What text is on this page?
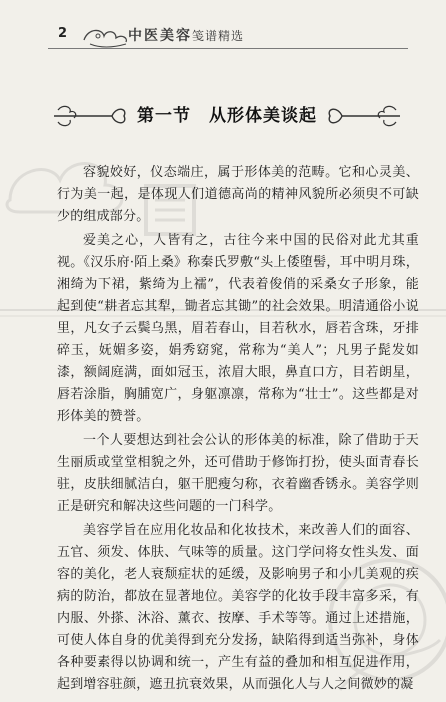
2	中医美容笺谱精选
第一节　从形体美谈起

容貌姣好，仪态端庄，属于形体美的范畴。它和心灵美、行为美一起，是体现人们道德高尚的精神风貌所必须臾不可缺少的组成部分。

爱美之心，人皆有之，古往今来中国的民俗对此尤其重视。《汉乐府·陌上桑》称秦氏罗敷“头上倭堕髻，耳中明月珠，湘绮为下裙，紫绮为上襦”，代表着俊俏的采桑女子形象，能起到使“耕者忘其犁，锄者忘其锄”的社会效果。明清通俗小说里，凡女子云鬓乌黑，眉若春山，目若秋水，唇若含珠，牙排碎玉，妩媚多姿，娟秀窈窕，常称为“美人”；凡男子髭发如漆，额阔庭满，面如冠玉，浓眉大眼，鼻直口方，目若朗星，唇若涂脂，胸脯宽广，身躯凛凛，常称为“壮士”。这些都是对形体美的赞誉。

一个人要想达到社会公认的形体美的标准，除了借助于天生丽质或堂堂相貌之外，还可借助于修饰打扮，使头面青春长驻，皮肤细腻洁白，躯干肥瘦匀称，衣着幽香锈永。美容学则正是研究和解决这些问题的一门科学。

美容学旨在应用化妆品和化妆技术，来改善人们的面容、五官、须发、体肤、气味等的质量。这门学问将女性头发、面容的美化，老人衰颓症状的延缓，及影响男子和小儿美观的疾病的防治，都放在显著地位。美容学的化妆手段丰富多采，有内服、外搽、沐浴、薰衣、按摩、手术等等。通过上述措施，可使人体自身的优美得到充分发扬，缺陷得到适当弥补，身体各种要素得以协调和统一，产生有益的叠加和相互促进作用，起到增容驻颜，遮丑抗衰效果，从而强化人与人之间微妙的凝
